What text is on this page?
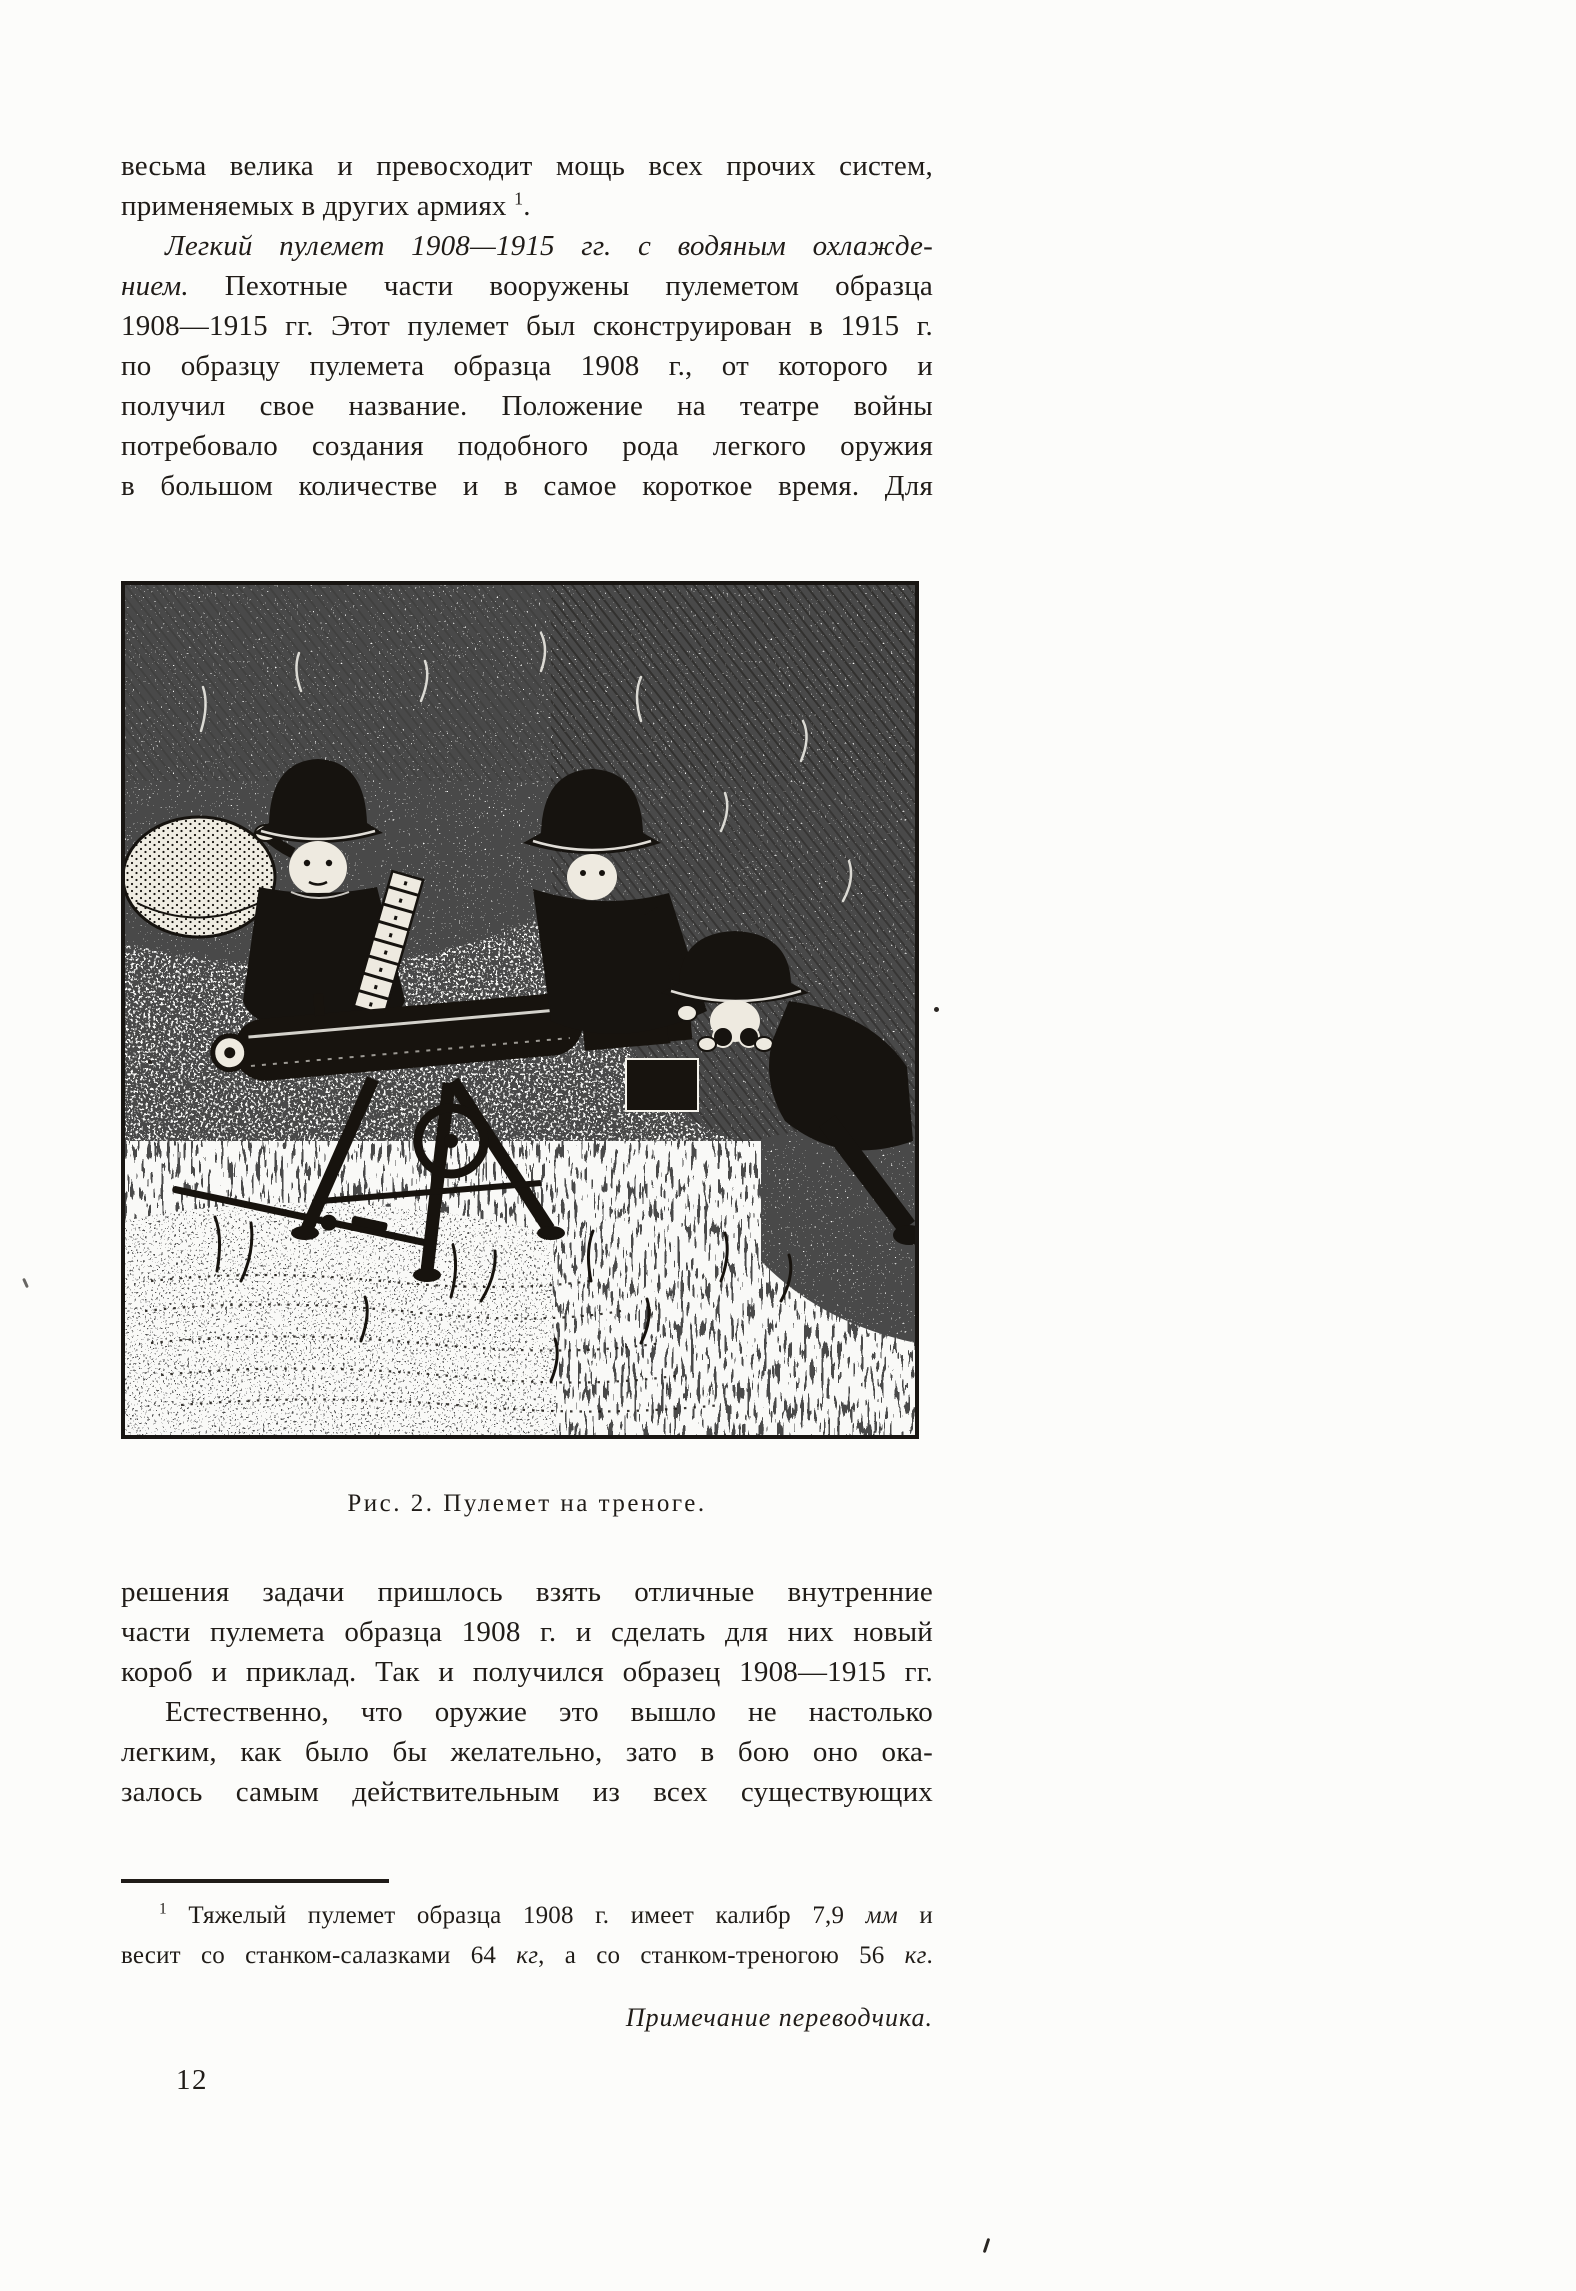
весьма велика и превосходит мощь всех прочих систем,
применяемых в других армиях $^1$.
Легкий пулемет 1908—1915 гг. с водяным охлажде-
нием. Пехотные части вооружены пулеметом образца
1908—1915 гг. Этот пулемет был сконструирован в 1915 г.
по образцу пулемета образца 1908 г., от которого и
получил свое название. Положение на театре войны
потребовало создания подобного рода легкого оружия
в большом количестве и в самое короткое время. Для
Рис. 2. Пулемет на треноге.
решения задачи пришлось взять отличные внутренние
части пулемета образца 1908 г. и сделать для них новый
короб и приклад. Так и получился образец 1908—1915 гг.
Естественно, что оружие это вышло не настолько
легким, как было бы желательно, зато в бою оно ока-
залось самым действительным из всех существующих
$^1$ Тяжелый пулемет образца 1908 г. имеет калибр 7,9 мм и
весит со станком-салазками 64 кг, а со станком-треногою 56 кг.
Примечание переводчика.
12
